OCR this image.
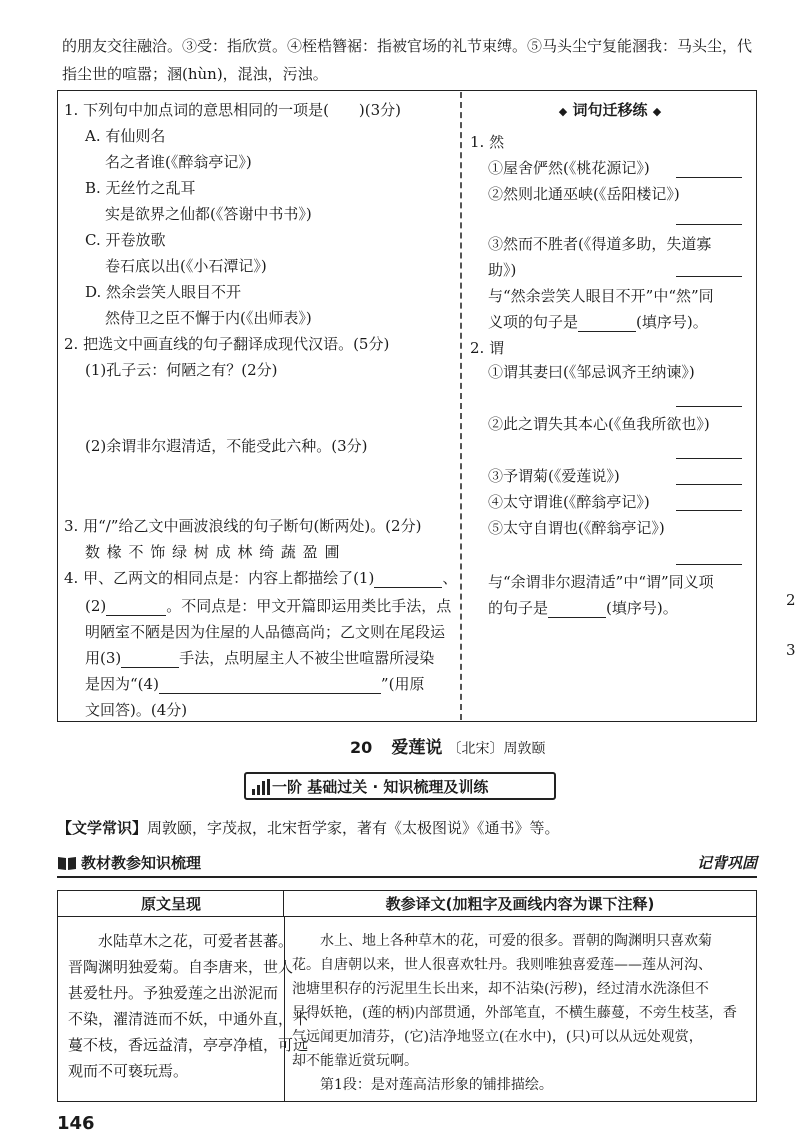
的朋友交往融洽。③受：指欣赏。④桎梏簪裾：指被官场的礼节束缚。⑤马头尘宁复能溷我：马头尘，代
指尘世的喧嚣；溷(hùn)，混浊，污浊。
1. 下列句中加点词的意思相同的一项是(　　)(3分)
A. 有仙则名
名之者谁(《醉翁亭记》)
B. 无丝竹之乱耳
实是欲界之仙都(《答谢中书书》)
C. 开卷放歌
卷石底以出(《小石潭记》)
D. 然余尝笑人眼目不开
然侍卫之臣不懈于内(《出师表》)
2. 把选文中画直线的句子翻译成现代汉语。(5分)
(1)孔子云：何陋之有？(2分)
(2)余谓非尔遐清适，不能受此六种。(3分)
3. 用“/”给乙文中画波浪线的句子断句(断两处)。(2分)
数 椽 不 饰 绿 树 成 林 绮 蔬 盈 圃
4. 甲、乙两文的相同点是：内容上都描绘了(1)	、
(2)	。不同点是：甲文开篇即运用类比手法，点
明陋室不陋是因为住屋的人品德高尚；乙文则在尾段运
用(3)	手法，点明屋主人不被尘世喧嚣所浸染
是因为“(4)	”(用原
文回答)。(4分)
◆ 词句迁移练 ◆
1. 然
①屋舍俨然(《桃花源记》)
②然则北通巫峡(《岳阳楼记》)
③然而不胜者(《得道多助，失道寡
助》)
与“然余尝笑人眼目不开”中“然”同
义项的句子是	(填序号)。
2. 谓
①谓其妻曰(《邹忌讽齐王纳谏》)
②此之谓失其本心(《鱼我所欲也》)
③予谓菊(《爱莲说》)
④太守谓谁(《醉翁亭记》)
⑤太守自谓也(《醉翁亭记》)
与“余谓非尔遐清适”中“谓”同义项
的句子是	(填序号)。	2
3
20 爱莲说 〔北宋〕周敦颐
一阶 基础过关 · 知识梳理及训练
【文学常识】周敦颐，字茂叔，北宋哲学家，著有《太极图说》《通书》等。
教材教参知识梳理	记背巩固
原文呈现	教参译文(加粗字及画线内容为课下注释)
　　水陆草木之花，可爱者甚蕃。
晋陶渊明独爱菊。自李唐来，世人
甚爱牡丹。予独爱莲之出淤泥而
不染，濯清涟而不妖，中通外直，不
蔓不枝，香远益清，亭亭净植，可远
观而不可亵玩焉。
　　水上、地上各种草木的花，可爱的很多。晋朝的陶渊明只喜欢菊
花。自唐朝以来，世人很喜欢牡丹。我则唯独喜爱莲——莲从河沟、
池塘里积存的污泥里生长出来，却不沾染(污秽)，经过清水洗涤但不
显得妖艳，(莲的柄)内部贯通，外部笔直，不横生藤蔓，不旁生枝茎，香
气远闻更加清芬，(它)洁净地竖立(在水中)，(只)可以从远处观赏，
却不能靠近赏玩啊。
第1段：是对莲高洁形象的铺排描绘。
146
